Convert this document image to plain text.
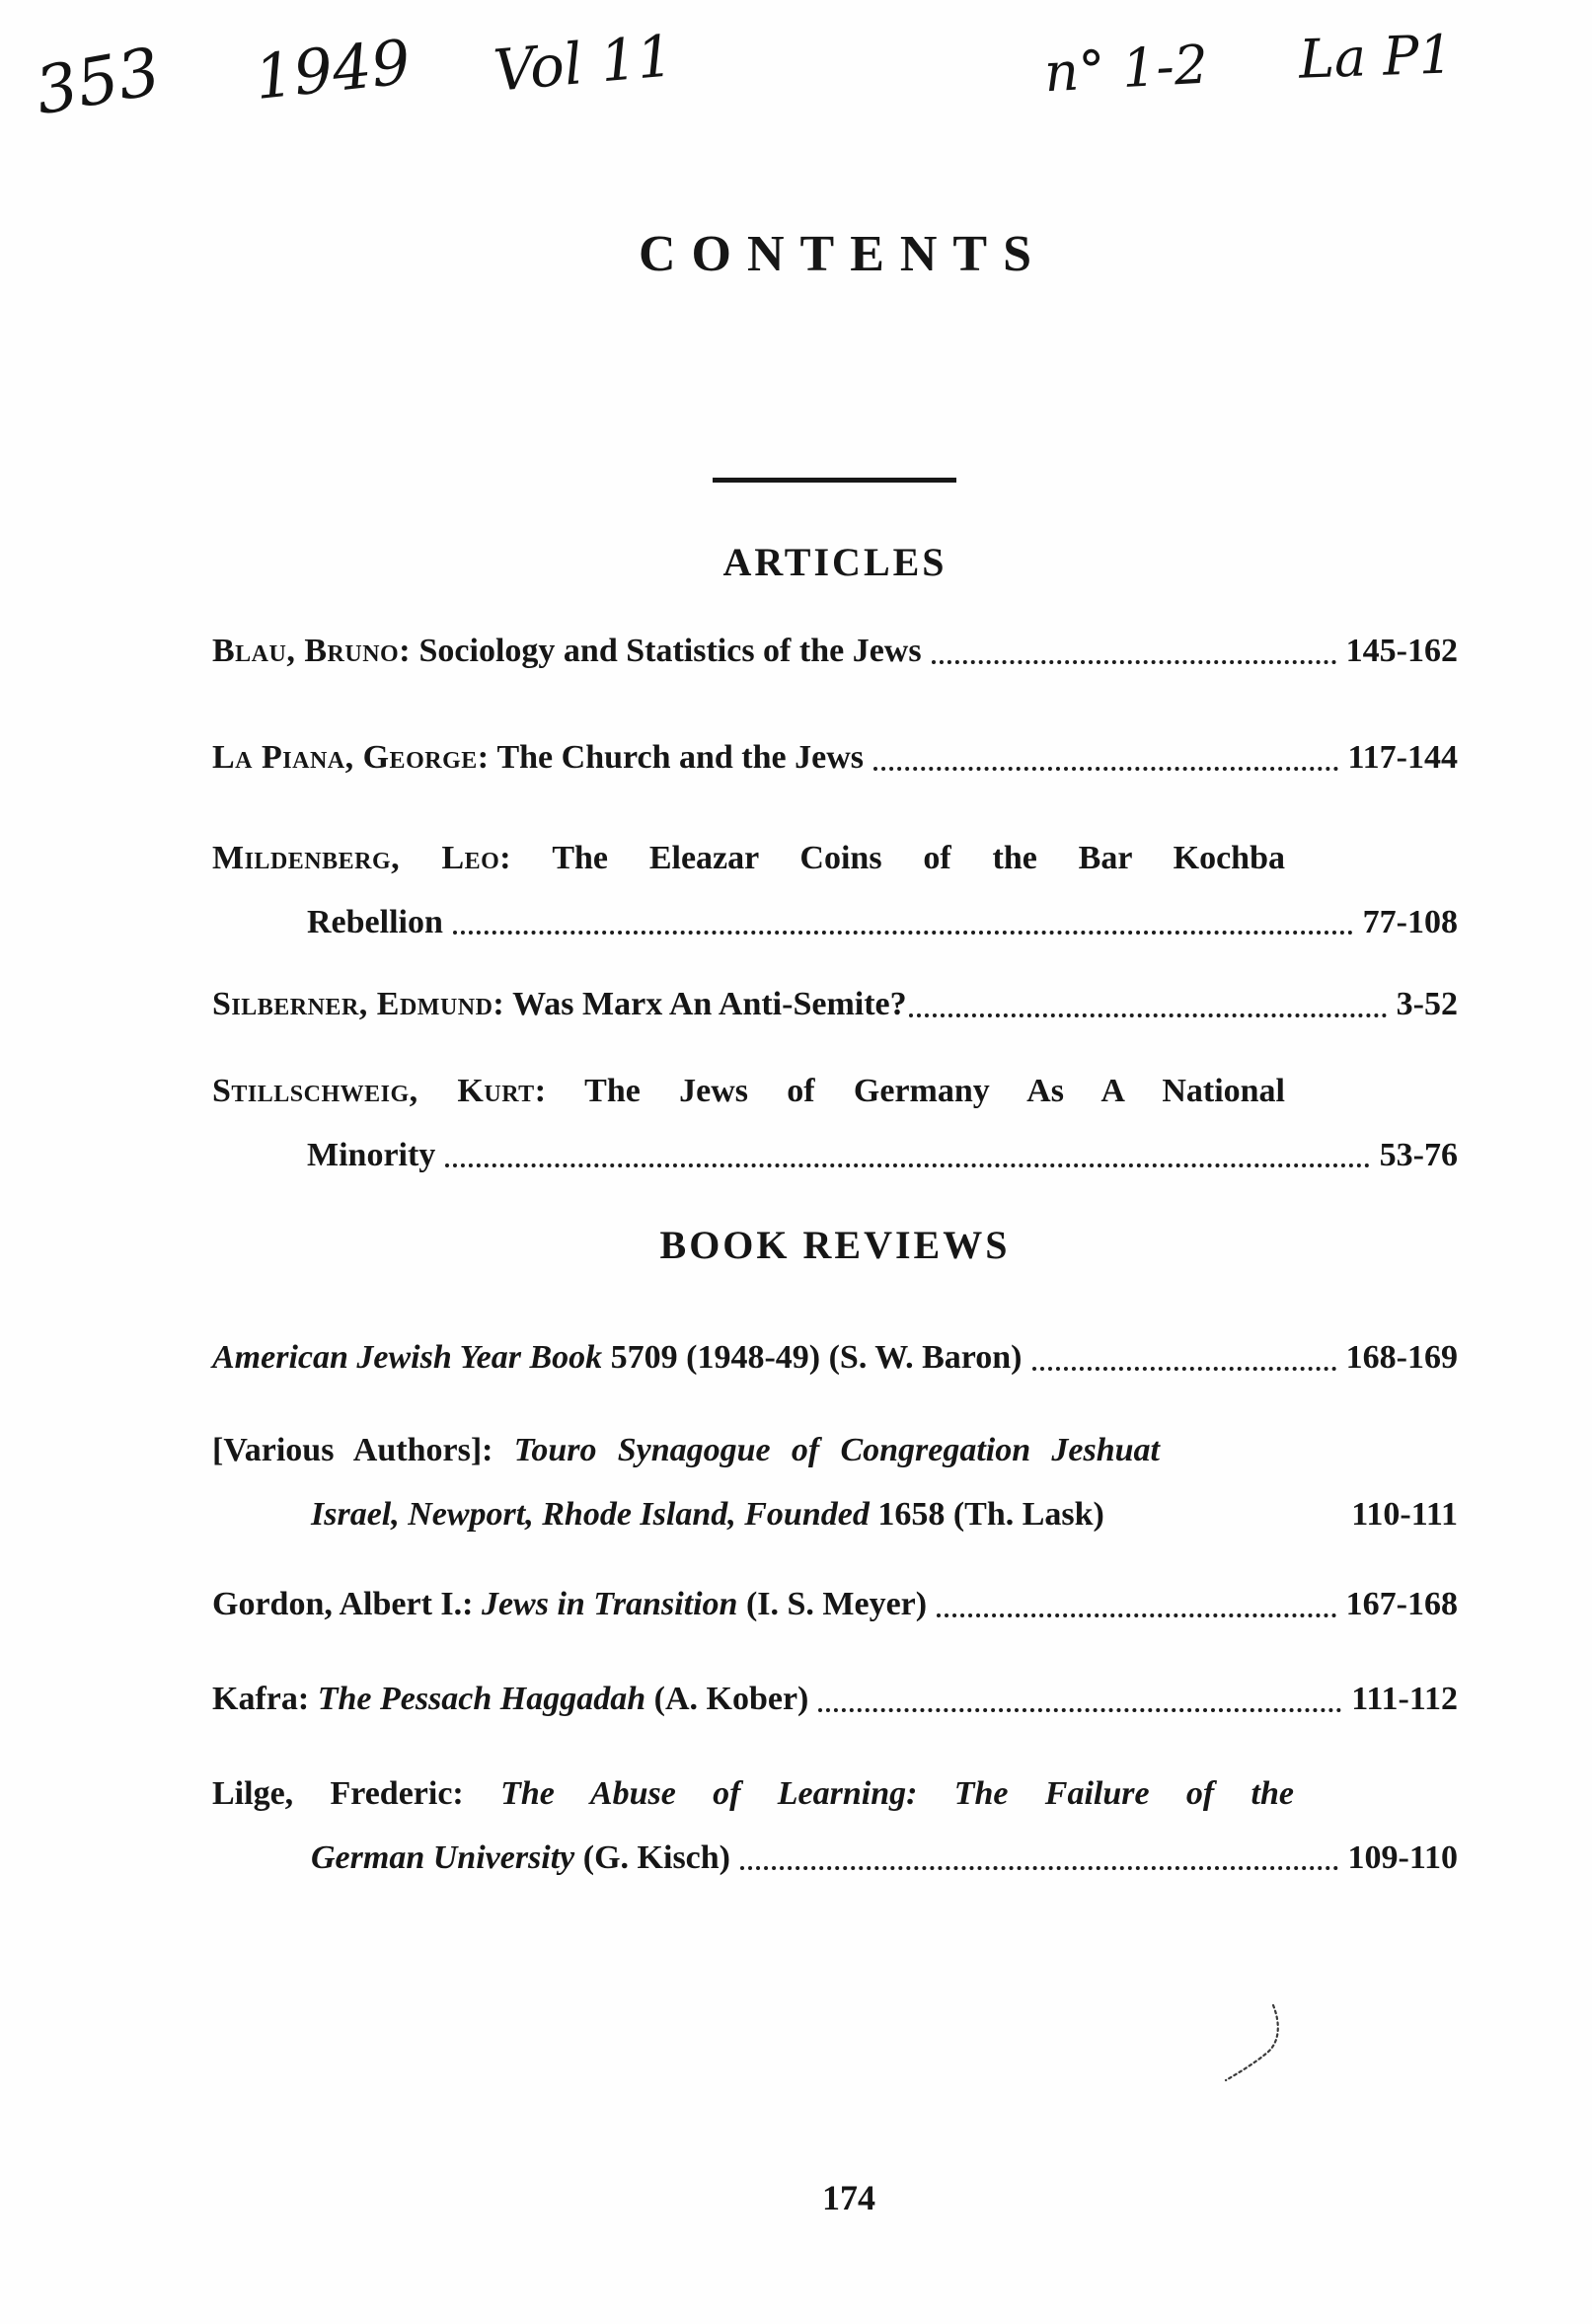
353 1949 Vol 11	n° 1-2 La P1
CONTENTS
ARTICLES
Blau, Bruno: Sociology and Statistics of the Jews	145-162
La Piana, George: The Church and the Jews	117-144
Mildenberg, Leo: The Eleazar Coins of the Bar Kochba
Rebellion	77-108
Silberner, Edmund: Was Marx An Anti-Semite?	3-52
Stillschweig, Kurt: The Jews of Germany As A National
Minority	53-76
BOOK REVIEWS
American Jewish Year Book 5709 (1948-49) (S. W. Baron)	168-169
[Various Authors]: Touro Synagogue of Congregation Jeshuat
Israel, Newport, Rhode Island, Founded 1658 (Th. Lask)	110-111
Gordon, Albert I.: Jews in Transition (I. S. Meyer)	167-168
Kafra: The Pessach Haggadah (A. Kober)	111-112
Lilge, Frederic: The Abuse of Learning: The Failure of the
German University (G. Kisch)	109-110
174
